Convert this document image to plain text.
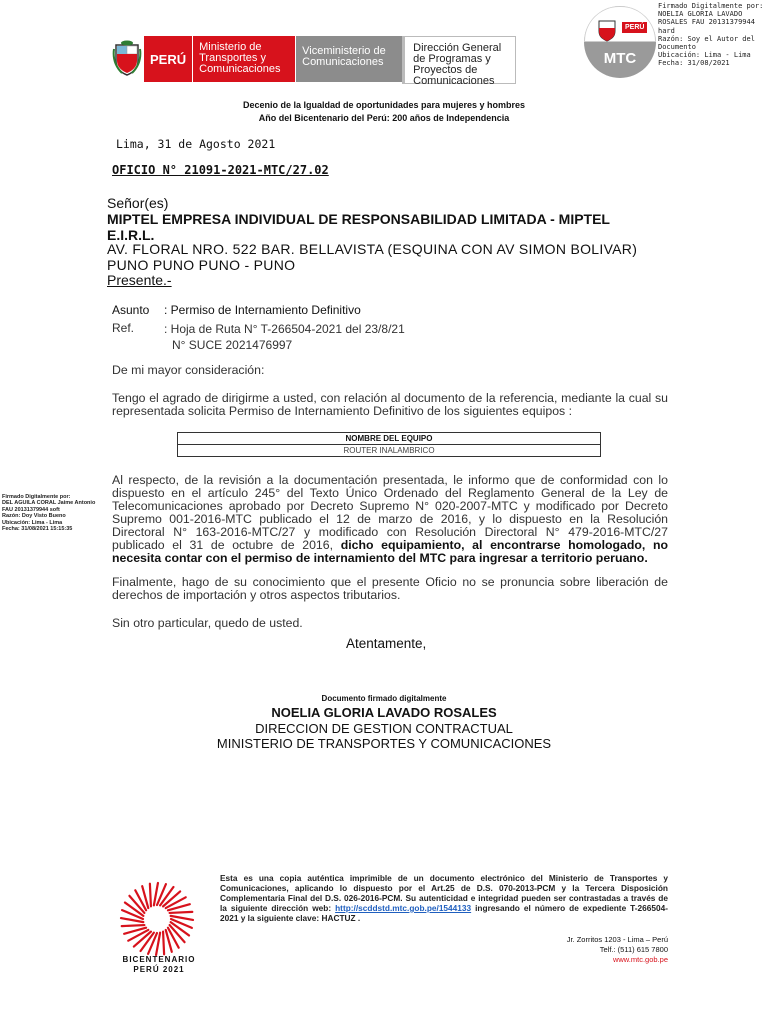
PERÚ
Ministerio de Transportes y Comunicaciones
Viceministerio de Comunicaciones
Dirección General de Programas y Proyectos de Comunicaciones
PERÚ
MTC
Firmado Digitalmente por:
NOELIA GLORIA LAVADO
ROSALES FAU 20131379944
hard
Razón: Soy el Autor del
Documento
Ubicación: Lima - Lima
Fecha: 31/08/2021
Firmado Digitalmente por:
DEL AGUILA CORAL Jaime Antonio
FAU 20131379944 soft
Razón: Doy Visto Bueno
Ubicación: Lima - Lima
Fecha: 31/08/2021 15:15:35
Decenio de la Igualdad de oportunidades para mujeres y hombres
Año del Bicentenario del Perú: 200 años de Independencia
Lima, 31 de Agosto 2021
OFICIO N° 21091-2021-MTC/27.02
Señor(es)
MIPTEL EMPRESA INDIVIDUAL DE RESPONSABILIDAD LIMITADA - MIPTEL E.I.R.L.
AV. FLORAL NRO. 522 BAR. BELLAVISTA (ESQUINA CON AV SIMON BOLIVAR)
PUNO PUNO PUNO - PUNO
Presente.-
Asunto : Permiso de Internamiento Definitivo
Ref. : Hoja de Ruta N° T-266504-2021 del 23/8/21
N° SUCE 2021476997
De mi mayor consideración:
Tengo el agrado de dirigirme a usted, con relación al documento de la referencia, mediante la cual su representada solicita Permiso de Internamiento Definitivo de los siguientes equipos :
NOMBRE DEL EQUIPO
ROUTER INALAMBRICO
Al respecto, de la revisión a la documentación presentada, le informo que de conformidad con lo dispuesto en el artículo 245° del Texto Único Ordenado del Reglamento General de la Ley de Telecomunicaciones aprobado por Decreto Supremo N° 020-2007-MTC y modificado por Decreto Supremo 001-2016-MTC publicado el 12 de marzo de 2016, y lo dispuesto en la Resolución Directoral N° 163-2016-MTC/27 y modificado con Resolución Directoral N° 479-2016-MTC/27 publicado el 31 de octubre de 2016, dicho equipamiento, al encontrarse homologado, no necesita contar con el permiso de internamiento del MTC para ingresar a territorio peruano.
Finalmente, hago de su conocimiento que el presente Oficio no se pronuncia sobre liberación de derechos de importación y otros aspectos tributarios.
Sin otro particular, quedo de usted.
Atentamente,
Documento firmado digitalmente
NOELIA GLORIA LAVADO ROSALES
DIRECCION DE GESTION CONTRACTUAL
MINISTERIO DE TRANSPORTES Y COMUNICACIONES
BICENTENARIO
PERÚ 2021
Esta es una copia auténtica imprimible de un documento electrónico del Ministerio de Transportes y Comunicaciones, aplicando lo dispuesto por el Art.25 de D.S. 070-2013-PCM y la Tercera Disposición Complementaria Final del D.S. 026-2016-PCM. Su autenticidad e integridad pueden ser contrastadas a través de la siguiente dirección web: http://scddstd.mtc.gob.pe/1544133 ingresando el número de expediente T-266504-2021 y la siguiente clave: HACTUZ .
Jr. Zorritos 1203 - Lima – Perú
Telf.: (511) 615 7800
www.mtc.gob.pe
